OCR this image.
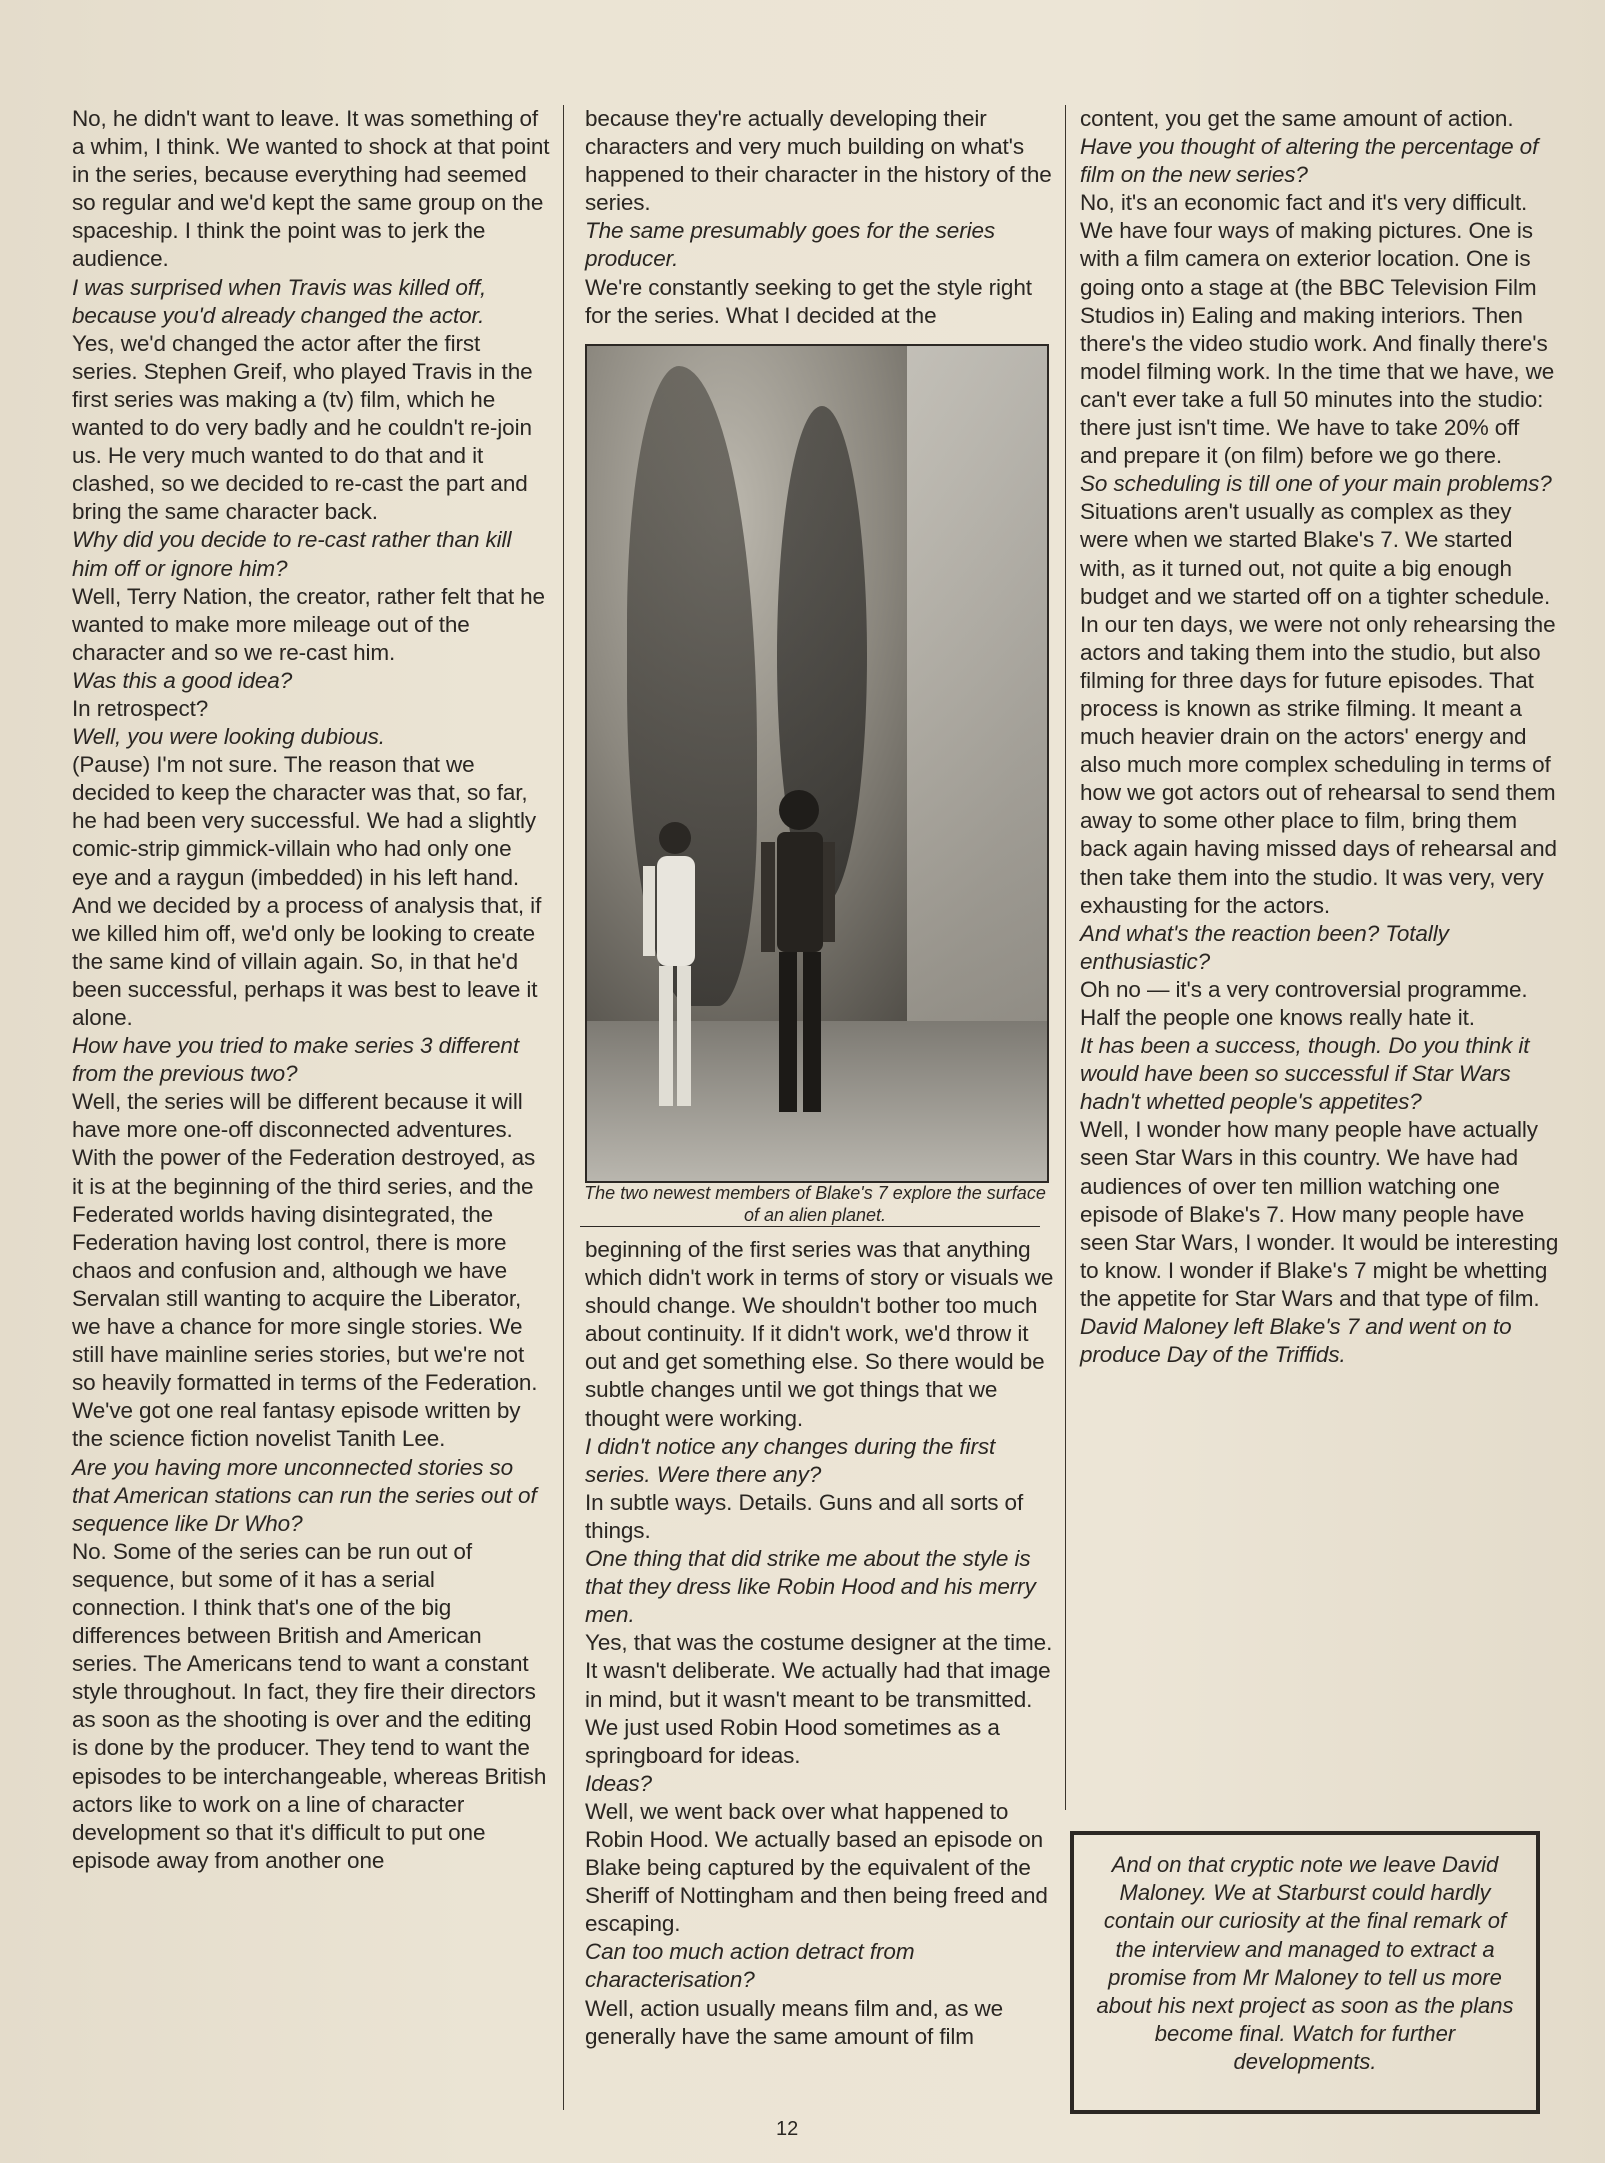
No, he didn't want to leave. It was something of a whim, I think. We wanted to shock at that point in the series, because everything had seemed so regular and we'd kept the same group on the spaceship. I think the point was to jerk the audience.

I was surprised when Travis was killed off, because you'd already changed the actor.

Yes, we'd changed the actor after the first series. Stephen Greif, who played Travis in the first series was making a (tv) film, which he wanted to do very badly and he couldn't re-join us. He very much wanted to do that and it clashed, so we decided to re-cast the part and bring the same character back.

Why did you decide to re-cast rather than kill him off or ignore him?

Well, Terry Nation, the creator, rather felt that he wanted to make more mileage out of the character and so we re-cast him.

Was this a good idea?

In retrospect?

Well, you were looking dubious.

(Pause) I'm not sure. The reason that we decided to keep the character was that, so far, he had been very successful. We had a slightly comic-strip gimmick-villain who had only one eye and a raygun (imbedded) in his left hand. And we decided by a process of analysis that, if we killed him off, we'd only be looking to create the same kind of villain again. So, in that he'd been successful, perhaps it was best to leave it alone.

How have you tried to make series 3 different from the previous two?

Well, the series will be different because it will have more one-off disconnected adventures. With the power of the Federation destroyed, as it is at the beginning of the third series, and the Federated worlds having disintegrated, the Federation having lost control, there is more chaos and confusion and, although we have Servalan still wanting to acquire the Liberator, we have a chance for more single stories. We still have mainline series stories, but we're not so heavily formatted in terms of the Federation. We've got one real fantasy episode written by the science fiction novelist Tanith Lee.

Are you having more unconnected stories so that American stations can run the series out of sequence like Dr Who?

No. Some of the series can be run out of sequence, but some of it has a serial connection. I think that's one of the big differences between British and American series. The Americans tend to want a constant style throughout. In fact, they fire their directors as soon as the shooting is over and the editing is done by the producer. They tend to want the episodes to be interchangeable, whereas British actors like to work on a line of character development so that it's difficult to put one episode away from another one

because they're actually developing their characters and very much building on what's happened to their character in the history of the series.

The same presumably goes for the series producer.

We're constantly seeking to get the style right for the series. What I decided at the

The two newest members of Blake's 7 explore the surface of an alien planet.

beginning of the first series was that anything which didn't work in terms of story or visuals we should change. We shouldn't bother too much about continuity. If it didn't work, we'd throw it out and get something else. So there would be subtle changes until we got things that we thought were working.

I didn't notice any changes during the first series. Were there any?

In subtle ways. Details. Guns and all sorts of things.

One thing that did strike me about the style is that they dress like Robin Hood and his merry men.

Yes, that was the costume designer at the time. It wasn't deliberate. We actually had that image in mind, but it wasn't meant to be transmitted. We just used Robin Hood sometimes as a springboard for ideas.

Ideas?

Well, we went back over what happened to Robin Hood. We actually based an episode on Blake being captured by the equivalent of the Sheriff of Nottingham and then being freed and escaping.

Can too much action detract from characterisation?

Well, action usually means film and, as we generally have the same amount of film

content, you get the same amount of action.

Have you thought of altering the percentage of film on the new series?

No, it's an economic fact and it's very difficult. We have four ways of making pictures. One is with a film camera on exterior location. One is going onto a stage at (the BBC Television Film Studios in) Ealing and making interiors. Then there's the video studio work. And finally there's model filming work. In the time that we have, we can't ever take a full 50 minutes into the studio: there just isn't time. We have to take 20% off and prepare it (on film) before we go there.

So scheduling is till one of your main problems?

Situations aren't usually as complex as they were when we started Blake's 7. We started with, as it turned out, not quite a big enough budget and we started off on a tighter schedule. In our ten days, we were not only rehearsing the actors and taking them into the studio, but also filming for three days for future episodes. That process is known as strike filming. It meant a much heavier drain on the actors' energy and also much more complex scheduling in terms of how we got actors out of rehearsal to send them away to some other place to film, bring them back again having missed days of rehearsal and then take them into the studio. It was very, very exhausting for the actors.

And what's the reaction been? Totally enthusiastic?

Oh no — it's a very controversial programme. Half the people one knows really hate it.

It has been a success, though. Do you think it would have been so successful if Star Wars hadn't whetted people's appetites?

Well, I wonder how many people have actually seen Star Wars in this country. We have had audiences of over ten million watching one episode of Blake's 7. How many people have seen Star Wars, I wonder. It would be interesting to know. I wonder if Blake's 7 might be whetting the appetite for Star Wars and that type of film.

David Maloney left Blake's 7 and went on to produce Day of the Triffids.

And on that cryptic note we leave David Maloney. We at Starburst could hardly contain our curiosity at the final remark of the interview and managed to extract a promise from Mr Maloney to tell us more about his next project as soon as the plans become final. Watch for further developments.
12
